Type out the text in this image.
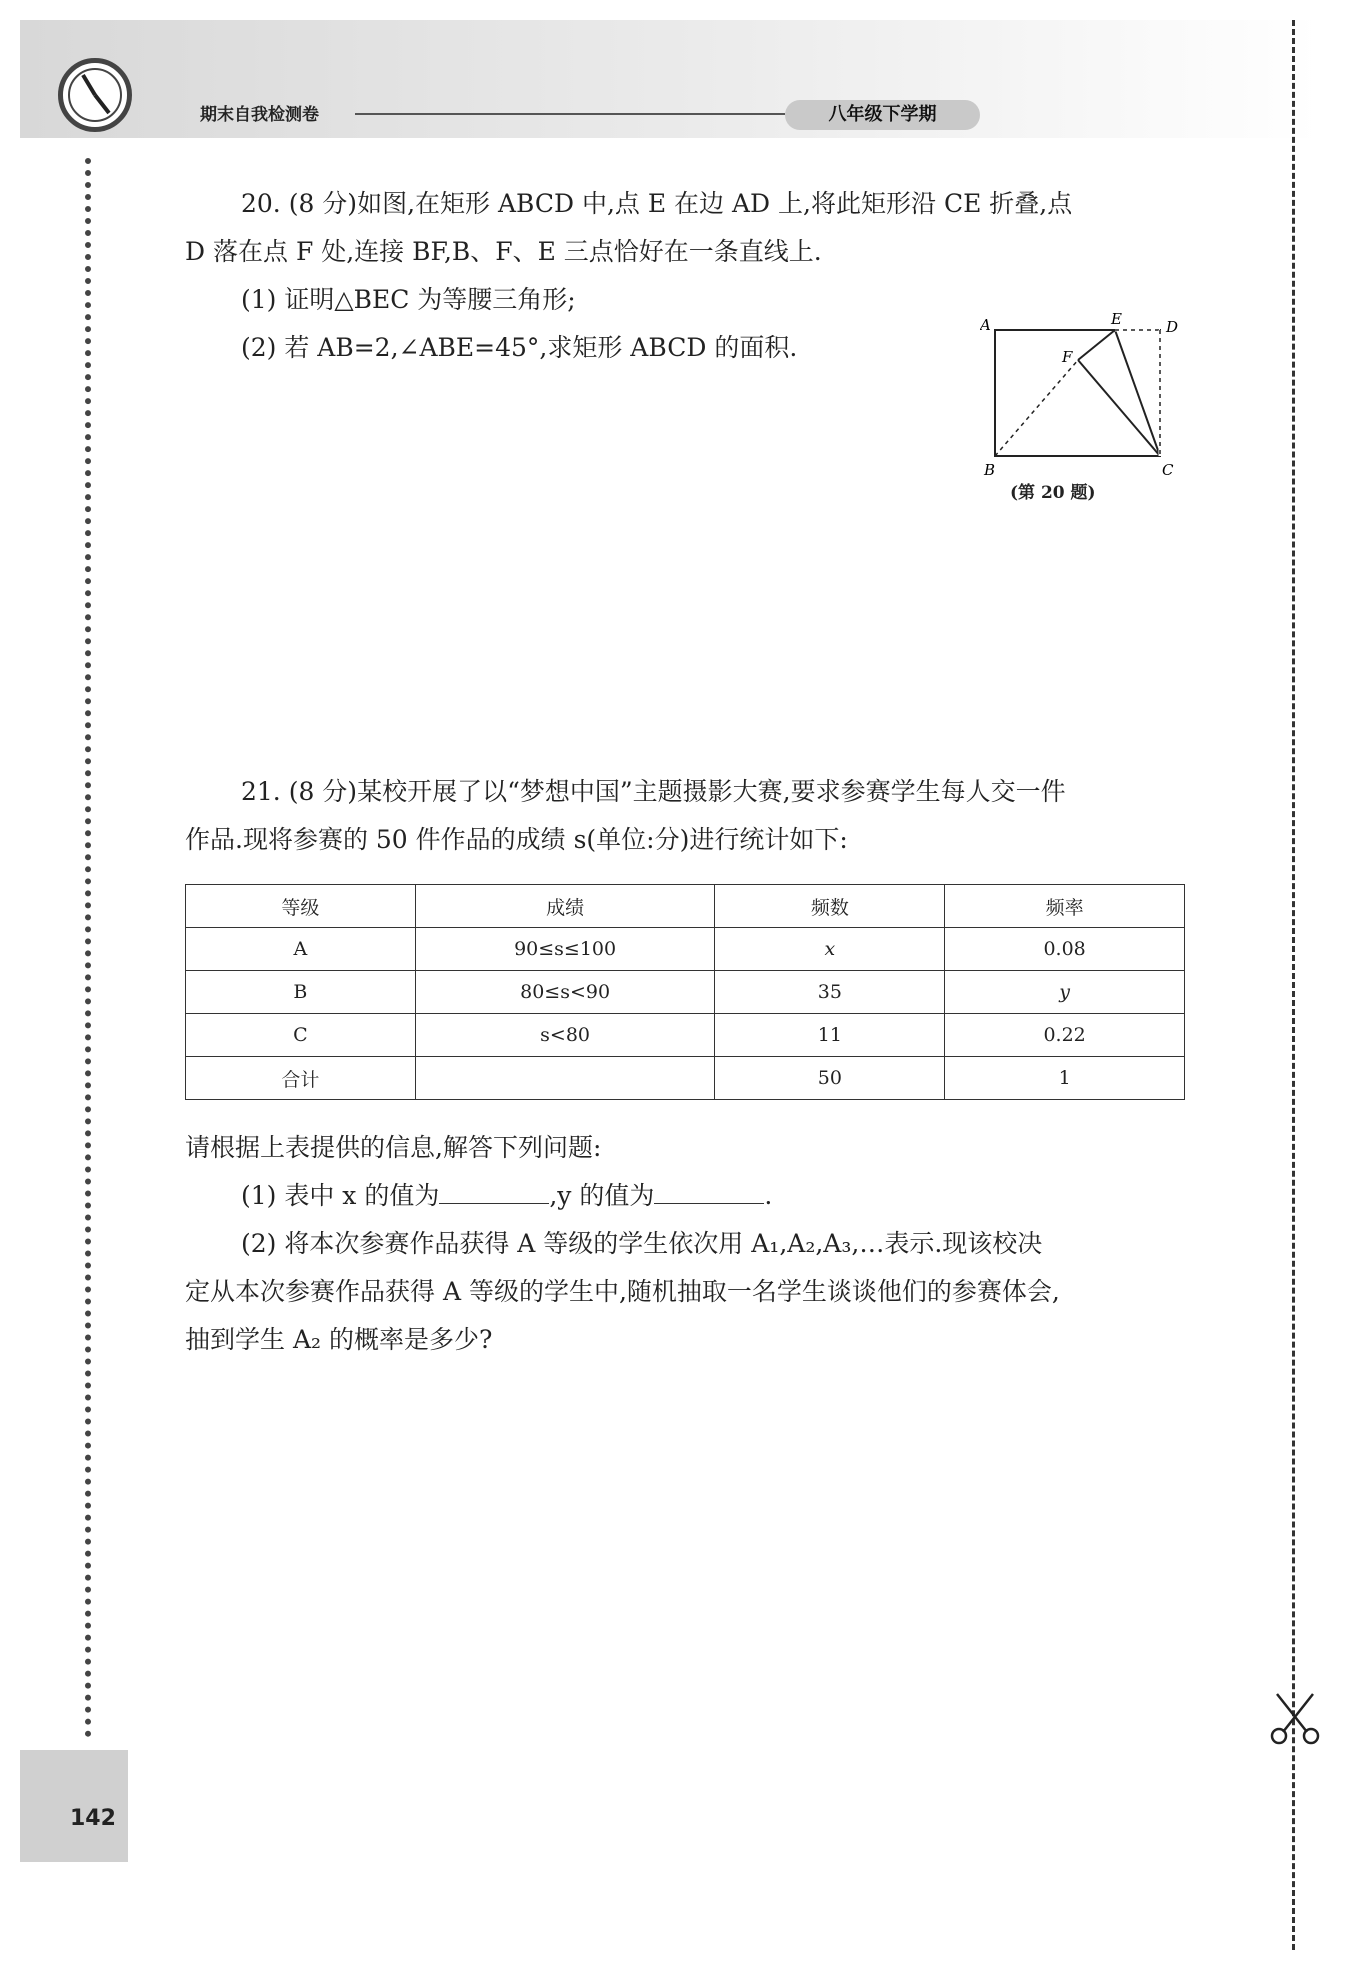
期末自我检测卷	八年级下学期

20. (8 分)如图,在矩形 ABCD 中,点 E 在边 AD 上,将此矩形沿 CE 折叠,点

D 落在点 F 处,连接 BF,B、F、E 三点恰好在一条直线上.

(1) 证明△BEC 为等腰三角形;

(2) 若 AB=2,∠ABE=45°,求矩形 ABCD 的面积.

A
B	C
D
E
F
(第 20 题)

21. (8 分)某校开展了以“梦想中国”主题摄影大赛,要求参赛学生每人交一件

作品.现将参赛的 50 件作品的成绩 s(单位:分)进行统计如下:

等级	成绩	频数	频率
A	90≤s≤100	x	0.08
B	80≤s<90	35	y
C	s<80	11	0.22
合计		50	1

请根据上表提供的信息,解答下列问题:

(1) 表中 x 的值为	,y 的值为	.

(2) 将本次参赛作品获得 A 等级的学生依次用 A₁,A₂,A₃,…表示.现该校决

定从本次参赛作品获得 A 等级的学生中,随机抽取一名学生谈谈他们的参赛体会,

抽到学生 A₂ 的概率是多少?

142
